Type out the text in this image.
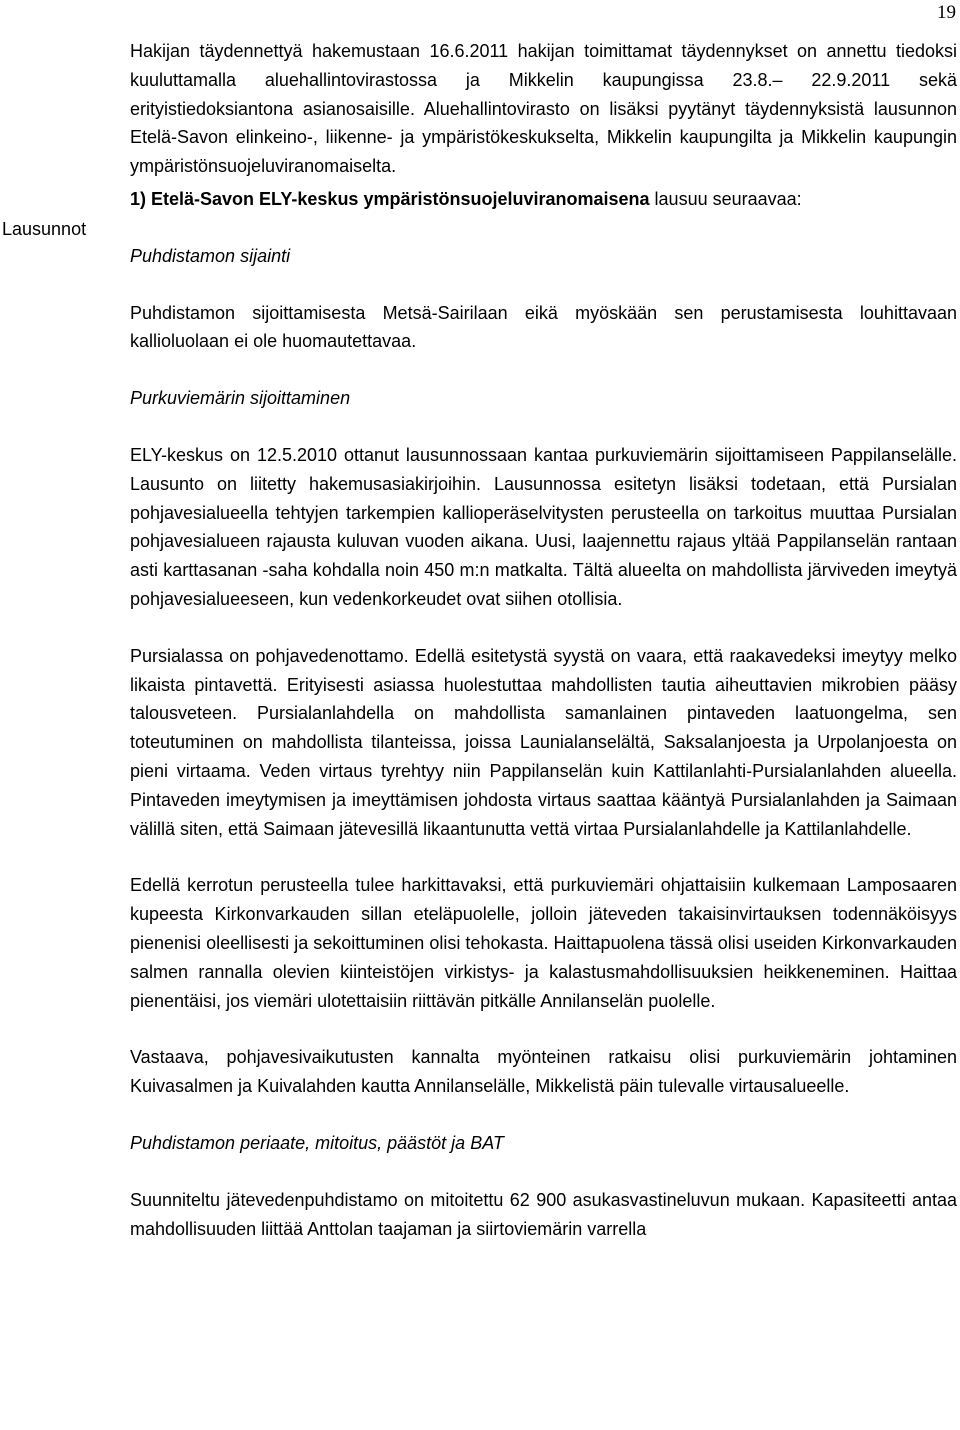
19
Lausunnot

Hakijan täydennettyä hakemustaan 16.6.2011 hakijan toimittamat täydennykset on annettu tiedoksi kuuluttamalla aluehallintovirastossa ja Mikkelin kaupungissa 23.8.– 22.9.2011 sekä erityistiedoksiantona asianosaisille. Aluehallintovirasto on lisäksi pyytänyt täydennyksistä lausunnon Etelä-Savon elinkeino-, liikenne- ja ympäristökeskukselta, Mikkelin kaupungilta ja Mikkelin kaupungin ympäristönsuojeluviranomaiselta.

1) Etelä-Savon ELY-keskus ympäristönsuojeluviranomaisena lausuu seuraavaa:

Puhdistamon sijainti

Puhdistamon sijoittamisesta Metsä-Sairilaan eikä myöskään sen perustamisesta louhittavaan kallioluolaan ei ole huomautettavaa.

Purkuviemärin sijoittaminen

ELY-keskus on 12.5.2010 ottanut lausunnossaan kantaa purkuviemärin sijoittamiseen Pappilanselälle. Lausunto on liitetty hakemusasiakirjoihin. Lausunnossa esitetyn lisäksi todetaan, että Pursialan pohjavesialueella tehtyjen tarkempien kallioperäselvitysten perusteella on tarkoitus muuttaa Pursialan pohjavesialueen rajausta kuluvan vuoden aikana. Uusi, laajennettu rajaus yltää Pappilanselän rantaan asti karttasanan -saha kohdalla noin 450 m:n matkalta. Tältä alueelta on mahdollista järviveden imeytyä pohjavesialueeseen, kun vedenkorkeudet ovat siihen otollisia.

Pursialassa on pohjavedenottamo. Edellä esitetystä syystä on vaara, että raakavedeksi imeytyy melko likaista pintavettä. Erityisesti asiassa huolestuttaa mahdollisten tautia aiheuttavien mikrobien pääsy talousveteen. Pursialanlahdella on mahdollista samanlainen pintaveden laatuongelma, sen toteutuminen on mahdollista tilanteissa, joissa Launialanselältä, Saksalanjoesta ja Urpolanjoesta on pieni virtaama. Veden virtaus tyrehtyy niin Pappilanselän kuin Kattilanlahti-Pursialanlahden alueella. Pintaveden imeytymisen ja imeyttämisen johdosta virtaus saattaa kääntyä Pursialanlahden ja Saimaan välillä siten, että Saimaan jätevesillä likaantunutta vettä virtaa Pursialanlahdelle ja Kattilanlahdelle.

Edellä kerrotun perusteella tulee harkittavaksi, että purkuviemäri ohjattaisiin kulkemaan Lamposaaren kupeesta Kirkonvarkauden sillan eteläpuolelle, jolloin jäteveden takaisinvirtauksen todennäköisyys pienenisi oleellisesti ja sekoittuminen olisi tehokasta. Haittapuolena tässä olisi useiden Kirkonvarkauden salmen rannalla olevien kiinteistöjen virkistys- ja kalastusmahdollisuuksien heikkeneminen. Haittaa pienentäisi, jos viemäri ulotettaisiin riittävän pitkälle Annilanselän puolelle.

Vastaava, pohjavesivaikutusten kannalta myönteinen ratkaisu olisi purkuviemärin johtaminen Kuivasalmen ja Kuivalahden kautta Annilanselälle, Mikkelistä päin tulevalle virtausalueelle.

Puhdistamon periaate, mitoitus, päästöt ja BAT

Suunniteltu jätevedenpuhdistamo on mitoitettu 62 900 asukasvastineluvun mukaan. Kapasiteetti antaa mahdollisuuden liittää Anttolan taajaman ja siirtoviemärin varrella
